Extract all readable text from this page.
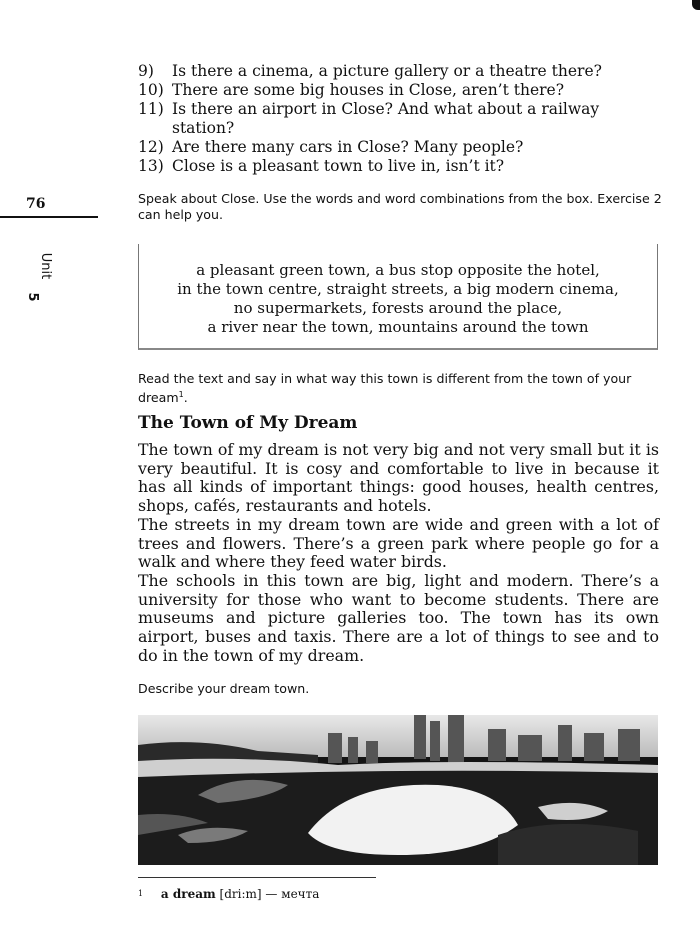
76
Unit
5
9)	Is there a cinema, a picture gallery or a theatre there?
10) There are some big houses in Close, aren’t there?
11) Is there an airport in Close? And what about a railway station?
12) Are there many cars in Close? Many people?
13) Close is a pleasant town to live in, isn’t it?
Speak about Close. Use the words and word combinations from the box. Exercise 2 can help you.
a pleasant green town, a bus stop opposite the hotel,
in the town centre, straight streets, a big modern cinema,
no supermarkets, forests around the place,
a river near the town, mountains around the town
Read the text and say in what way this town is different from the town of your dream$^1$.
The Town of My Dream

The town of my dream is not very big and not very small but it is very beautiful. It is cosy and comfortable to live in because it has all kinds of important things: good houses, health centres, shops, cafés, restaurants and hotels.

The streets in my dream town are wide and green with a lot of trees and flowers. There’s a green park where people go for a walk and where they feed water birds.

The schools in this town are big, light and modern. There’s a university for those who want to become students. There are museums and picture galleries too. The town has its own airport, buses and taxis. There are a lot of things to see and to do in the town of my dream.

Describe your dream town.
$^1$ a dream [dri:m] — мечта
